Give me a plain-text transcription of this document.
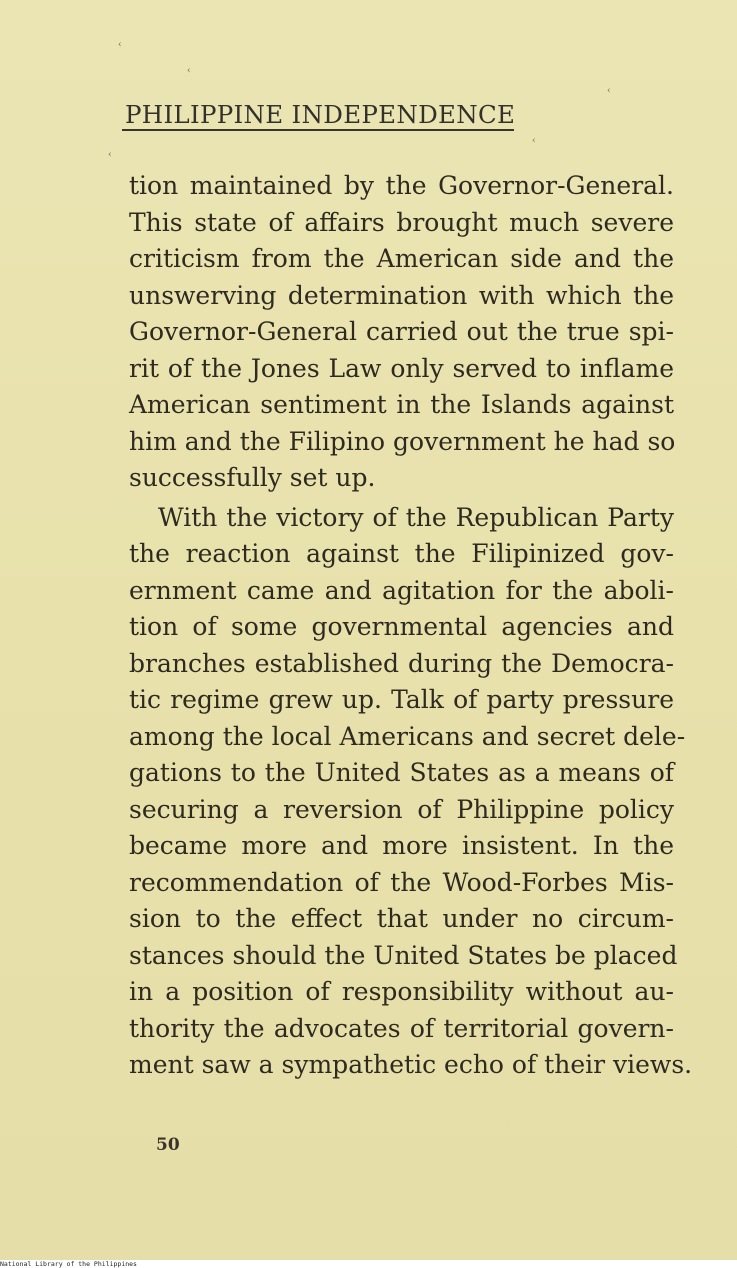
PHILIPPINE INDEPENDENCE
tion maintained by the Governor-General.
This state of affairs brought much severe
criticism from the American side and the
unswerving determination with which the
Governor-General carried out the true spi-
rit of the Jones Law only served to inflame
American sentiment in the Islands against
him and the Filipino government he had so
successfully set up.
With the victory of the Republican Party
the reaction against the Filipinized gov-
ernment came and agitation for the aboli-
tion of some governmental agencies and
branches established during the Democra-
tic regime grew up. Talk of party pressure
among the local Americans and secret dele-
gations to the United States as a means of
securing a reversion of Philippine policy
became more and more insistent. In the
recommendation of the Wood-Forbes Mis-
sion to the effect that under no circum-
stances should the United States be placed
in a position of responsibility without au-
thority the advocates of territorial govern-
ment saw a sympathetic echo of their views.
50
‹
‹
‹
‹
‹
National Library of the Philippines
